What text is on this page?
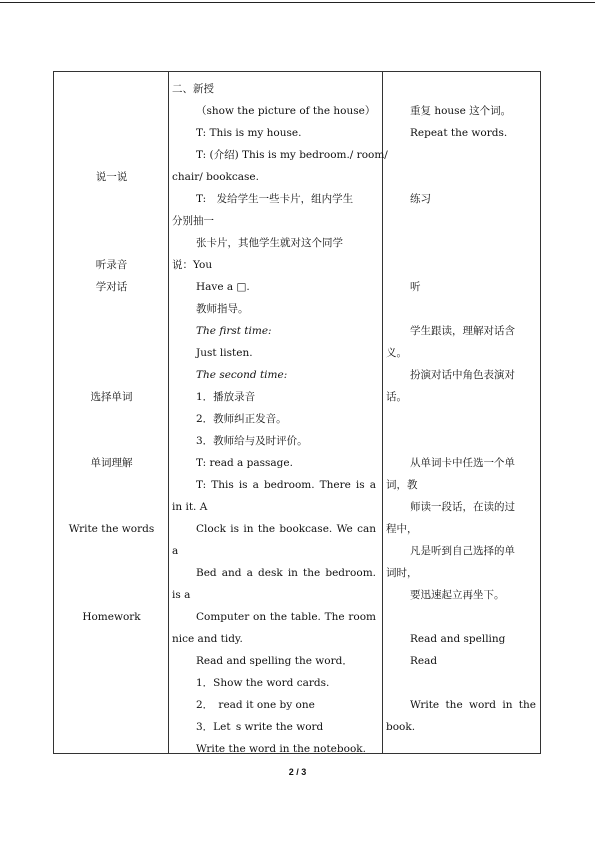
说一说
听录音
学对话
选择单词
单词理解
Write the words
Homework
二、新授
（show the picture of the house）
T: This is my house.
T: (介绍) This is my bedroom./ room/
chair/ bookcase.
T:　发给学生一些卡片，组内学生
分别抽一
张卡片，其他学生就对这个同学
说：You
Have a □.
教师指导。
The first time:
Just listen.
The second time:
1．播放录音
2．教师纠正发音。
3．教师给与及时评价。
T: read a passage.
T: This is a bedroom. There is a
in it. A
Clock is in the bookcase. We can
a
Bed and a desk in the bedroom.
is a
Computer on the table. The room
nice and tidy.
Read and spelling the word．
1．Show the word cards.
2． read it one by one 
3．Let s write the word
Write the word in the notebook.
重复 house 这个词。
Repeat the words.
练习
听
学生跟读，理解对话含
义。
扮演对话中角色表演对
话。
从单词卡中任选一个单
词，教
师读一段话，在读的过
程中，
凡是听到自己选择的单
词时，
要迅速起立再坐下。
Read and spelling
Read
Write the word in the
book.
2 / 3
